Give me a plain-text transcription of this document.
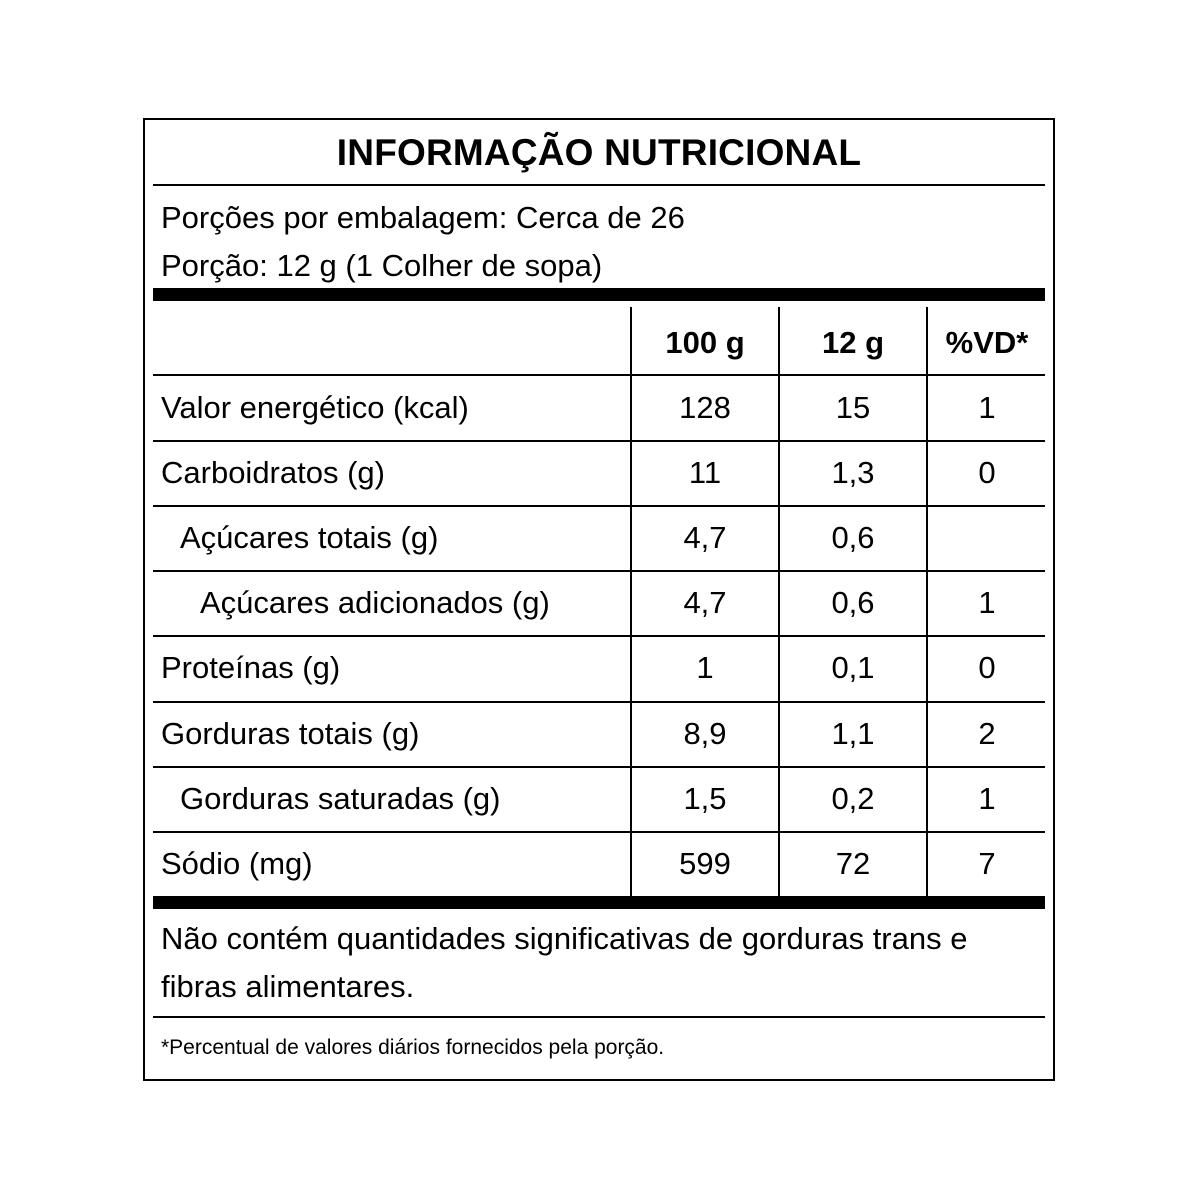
INFORMAÇÃO NUTRICIONAL
Porções por embalagem: Cerca de 26
Porção: 12 g (1 Colher de sopa)
100 g	12 g	%VD*
Valor energético (kcal)	128	15	1
Carboidratos (g)	11	1,3	0
Açúcares totais (g)	4,7	0,6
Açúcares adicionados (g)	4,7	0,6	1
Proteínas (g)	1	0,1	0
Gorduras totais (g)	8,9	1,1	2
Gorduras saturadas (g)	1,5	0,2	1
Sódio (mg)	599	72	7
Não contém quantidades significativas de gorduras trans e fibras alimentares.
*Percentual de valores diários fornecidos pela porção.
